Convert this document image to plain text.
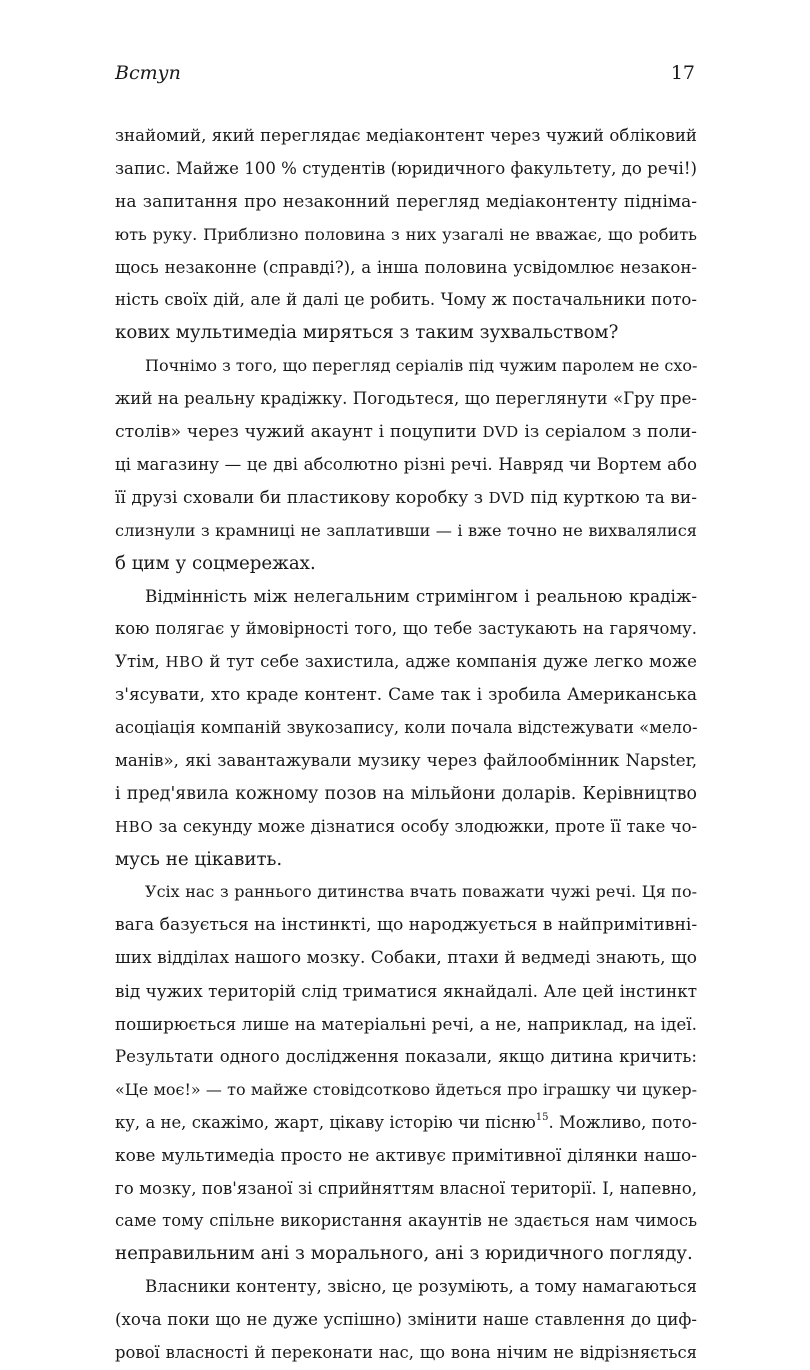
Вступ	17
знайомий, який переглядає медіаконтент через чужий обліковий
запис. Майже 100 % студентів (юридичного факультету, до речі!)
на запитання про незаконний перегляд медіаконтенту підніма-
ють руку. Приблизно половина з них узагалі не вважає, що робить
щось незаконне (справді?), а інша половина усвідомлює незакон-
ність своїх дій, але й далі це робить. Чому ж постачальники пото-
кових мультимедіа миряться з таким зухвальством?
Почнімо з того, що перегляд серіалів під чужим паролем не схо-
жий на реальну крадіжку. Погодьтеся, що переглянути «Гру пре-
столів» через чужий акаунт і поцупити DVD із серіалом з поли-
ці магазину — це дві абсолютно різні речі. Навряд чи Вортем або
її друзі сховали би пластикову коробку з DVD під курткою та ви-
слизнули з крамниці не заплативши — і вже точно не вихвалялися
б цим у соцмережах.
Відмінність між нелегальним стримінгом і реальною крадіж-
кою полягає у ймовірності того, що тебе застукають на гарячому.
Утім, HBO й тут себе захистила, адже компанія дуже легко може
з'ясувати, хто краде контент. Саме так і зробила Американська
асоціація компаній звукозапису, коли почала відстежувати «мело-
манів», які завантажували музику через файлообмінник Napster,
і пред'явила кожному позов на мільйони доларів. Керівництво
HBO за секунду може дізнатися особу злодюжки, проте її таке чо-
мусь не цікавить.
Усіх нас з раннього дитинства вчать поважати чужі речі. Ця по-
вага базується на інстинкті, що народжується в найпримітивні-
ших відділах нашого мозку. Собаки, птахи й ведмеді знають, що
від чужих територій слід триматися якнайдалі. Але цей інстинкт
поширюється лише на матеріальні речі, а не, наприклад, на ідеї.
Результати одного дослідження показали, якщо дитина кричить:
«Це моє!» — то майже стовідсотково йдеться про іграшку чи цукер-
ку, а не, скажімо, жарт, цікаву історію чи пісню$^{15}$. Можливо, пото-
кове мультимедіа просто не активує примітивної ділянки нашо-
го мозку, пов'язаної зі сприйняттям власної території. І, напевно,
саме тому спільне використання акаунтів не здається нам чимось
неправильним ані з морального, ані з юридичного погляду.
Власники контенту, звісно, це розуміють, а тому намагаються
(хоча поки що не дуже успішно) змінити наше ставлення до циф-
рової власності й переконати нас, що вона нічим не відрізняється
